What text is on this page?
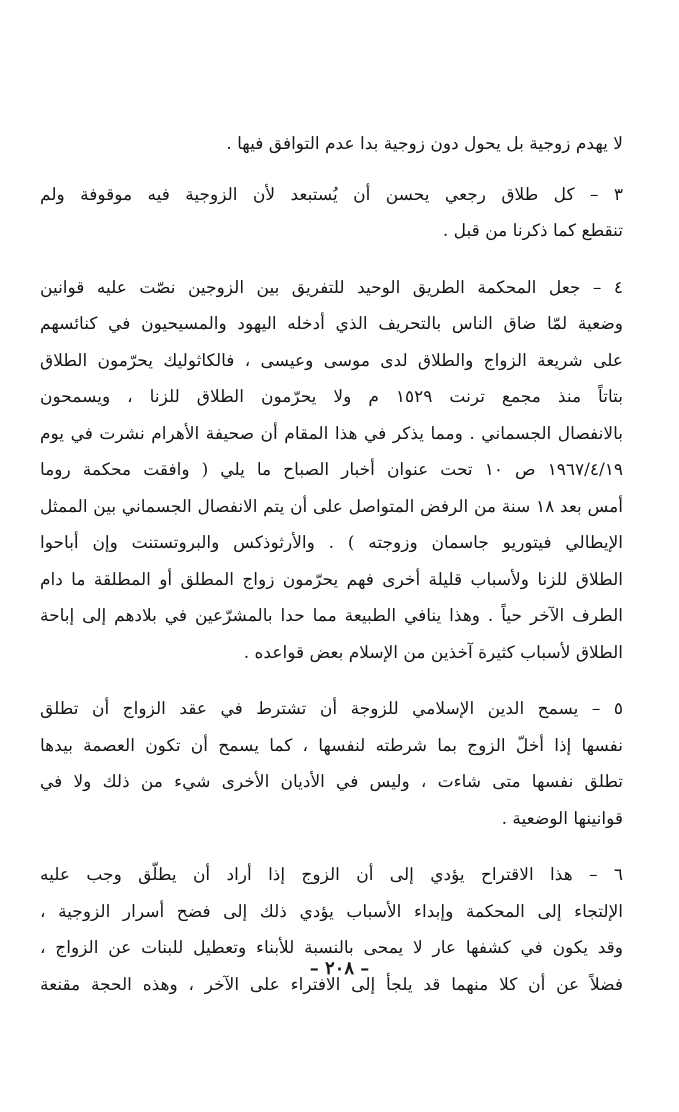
لا يهدم زوجية بل يحول دون زوجية بدا عدم التوافق فيها .
٣ – كل طلاق رجعي يحسن أن يُستبعد لأن الزوجية فيه موقوفة ولم
تنقطع كما ذكرنا من قبل .
٤ – جعل المحكمة الطريق الوحيد للتفريق بين الزوجين نصّت عليه قوانين
وضعية لمّا ضاق الناس بالتحريف الذي أدخله اليهود والمسيحيون في كنائسهم
على شريعة الزواج والطلاق لدى موسى وعيسى ، فالكاثوليك يحرّمون الطلاق
بتاتاً منذ مجمع ترنت ١٥٢٩ م ولا يحرّمون الطلاق للزنا ، ويسمحون
بالانفصال الجسماني . ومما يذكر في هذا المقام أن صحيفة الأهرام نشرت في يوم
١٩٦٧/٤/١٩ ص ١٠ تحت عنوان أخبار الصباح ما يلي ( وافقت محكمة روما
أمس بعد ١٨ سنة من الرفض المتواصل على أن يتم الانفصال الجسماني بين الممثل
الإيطالي فيتوريو جاسمان وزوجته ) . والأرثوذكس والبروتستنت وإن أباحوا
الطلاق للزنا ولأسباب قليلة أخرى فهم يحرّمون زواج المطلق أو المطلقة ما دام
الطرف الآخر حياً . وهذا ينافي الطبيعة مما حدا بالمشرّعين في بلادهم إلى إباحة
الطلاق لأسباب كثيرة آخذين من الإسلام بعض قواعده .
٥ – يسمح الدين الإسلامي للزوجة أن تشترط في عقد الزواج أن تطلق
نفسها إذا أخلّ الزوج بما شرطته لنفسها ، كما يسمح أن تكون العصمة بيدها
تطلق نفسها متى شاءت ، وليس في الأديان الأخرى شيء من ذلك ولا في
قوانينها الوضعية .
٦ – هذا الاقتراح يؤدي إلى أن الزوج إذا أراد أن يطلّق وجب عليه
الإلتجاء إلى المحكمة وإبداء الأسباب يؤدي ذلك إلى فضح أسرار الزوجية ،
وقد يكون في كشفها عار لا يمحى بالنسبة للأبناء وتعطيل للبنات عن الزواج ،
فضلاً عن أن كلا منهما قد يلجأ إلى الافتراء على الآخر ، وهذه الحجة مقنعة
– ٢٠٨ –
